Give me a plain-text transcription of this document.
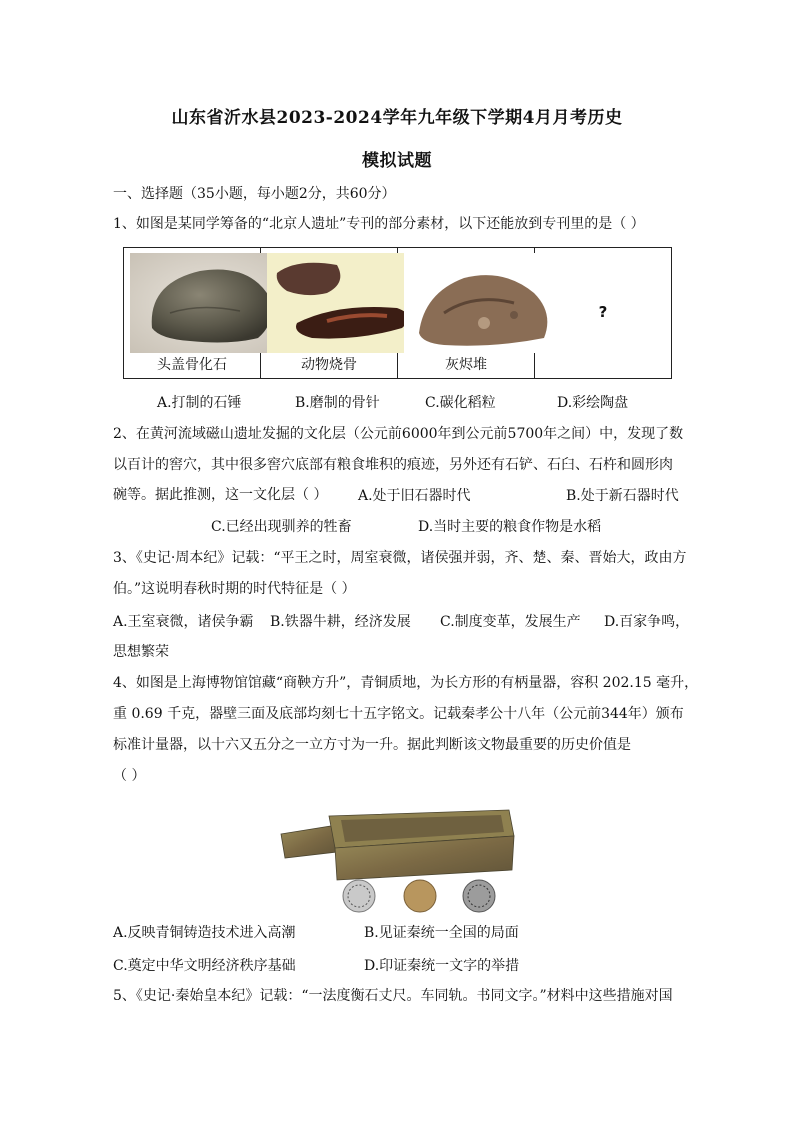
山东省沂水县2023-2024学年九年级下学期4月月考历史
模拟试题
一、选择题（35小题，每小题2分，共60分）
1、如图是某同学筹备的“北京人遗址”专刊的部分素材，以下还能放到专刊里的是（ ）
头盖骨化石	动物烧骨	灰烬堆
?
A.打制的石锤	B.磨制的骨针	C.碳化稻粒	D.彩绘陶盘
2、在黄河流域磁山遗址发掘的文化层（公元前6000年到公元前5700年之间）中，发现了数
以百计的窖穴，其中很多窖穴底部有粮食堆积的痕迹，另外还有石铲、石臼、石杵和圆形肉
碗等。据此推测，这一文化层（ ）	A.处于旧石器时代	B.处于新石器时代
C.已经出现驯养的牲畜	D.当时主要的粮食作物是水稻
3、《史记·周本纪》记载：“平王之时，周室衰微，诸侯强并弱，齐、楚、秦、晋始大，政由方
伯。”这说明春秋时期的时代特征是（ ）
A.王室衰微，诸侯争霸 B.铁器牛耕，经济发展 C.制度变革，发展生产 D.百家争鸣，
思想繁荣
4、如图是上海博物馆馆藏“商鞅方升”，青铜质地，为长方形的有柄量器，容积 202.15 毫升，
重 0.69 千克，器壁三面及底部均刻七十五字铭文。记载秦孝公十八年（公元前344年）颁布
标准计量器，以十六又五分之一立方寸为一升。据此判断该文物最重要的历史价值是
（ ）
A.反映青铜铸造技术进入高潮	B.见证秦统一全国的局面
C.奠定中华文明经济秩序基础	D.印证秦统一文字的举措
5、《史记·秦始皇本纪》记载：“一法度衡石丈尺。车同轨。书同文字。”材料中这些措施对国
